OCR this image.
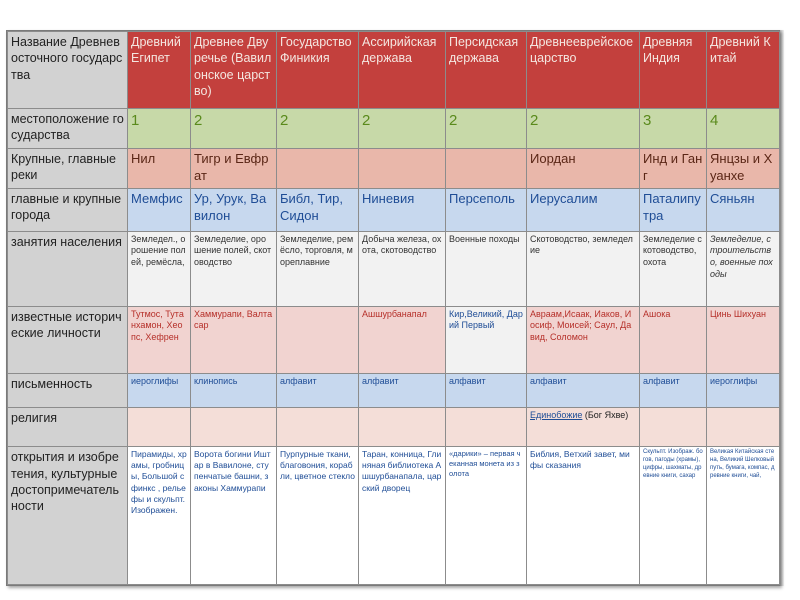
Название Древневосточного государства	Древний Египет	Древнее Двуречье (Вавилонское царство)	Государство Финикия	Ассирийская держава	Персидская держава	Древнееврейское царство	Древняя Индия	Древний Китай
местоположение государства	1	2	2	2	2	2	3	4
Крупные, главные реки	Нил	Тигр и Евфрат				Иордан	Инд и Ганг	Янцзы и Хуанхе
главные и крупные города	Мемфис	Ур, Урук, Вавилон	Библ, Тир, Сидон	Ниневия	Персеполь	Иерусалим	Паталипутра	Сяньян
занятия населения	Земледел., орошение полей, ремёсла,	Земледелие, орошение полей, скотоводство	Земледелие, ремёсло, торговля, мореплавние	Добыча железа, охота, скотоводство	Военные походы	Скотоводство, земледелие	Земледелие скотоводство, охота	Земледелие, строительство, военные походы
известные исторические личности	Тутмос, Тутанхамон, Хеопс, Хефрен	Хаммурапи, Валтасар		Ашшурбанапал	Кир,Великий, Дарий Первый	Авраам,Исаак, Иаков, Иосиф, Моисей; Саул, Давид, Соломон	Ашока	Цинь Шихуан
письменность	иероглифы	клинопись	алфавит	алфавит	алфавит	алфавит	алфавит	иероглифы
религия						Единобожие (Бог Яхве)		
открытия и изобретения, культурные достопримечательности	Пирамиды, храмы, гробницы, Большой сфинкс , рельефы и скульпт. Изображен.	Ворота богини Иштар в Вавилоне, ступенчатые башни, законы Хаммурапи	Пурпурные ткани, благовония, корабли, цветное стекло	Таран, конница, Глиняная библиотека Ашшурбанапала, царский дворец	«дарики» – первая чеканная монета из золота	Библия, Ветхий завет, мифы сказания	Скульпт. Изображ. богов, пагоды (храмы), цифры, шахматы, древние книги, сахар	Великая Китайская стена, Великий Шелковый путь, бумага, компас, древние книги, чай,
